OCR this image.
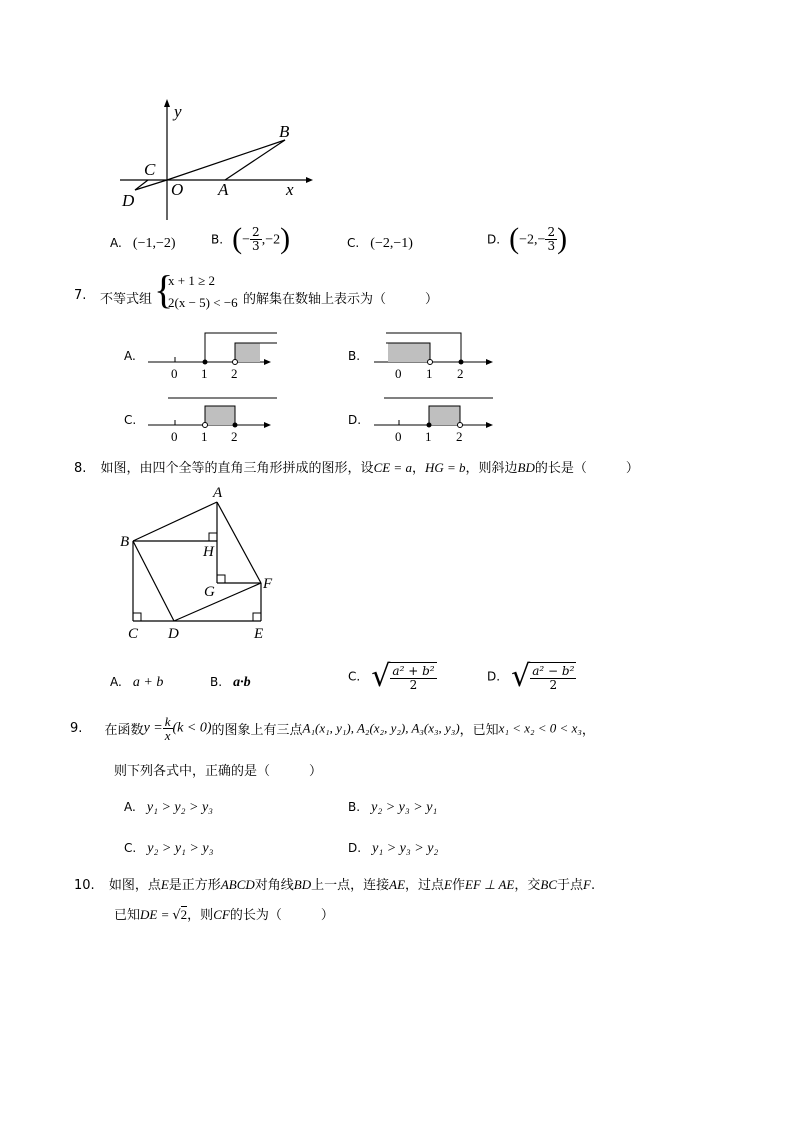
y
x
B
C
O A
D
A. (−1,−2)	B. (− $\frac{2}{3} ,-2$)	C. (−2,−1)	D. ($-2,- \frac{2}{3}$ )
7. 不等式组 {
x + 1 ≥ 2
2(x − 5) < −6 的解集在数轴上表示为（　　　）
A.
0 1 2
B.
0 1 2
C.
0 1 2
D.
0 1 2
8. 如图，由四个全等的直角三角形拼成的图形，设CE = a，HG = b，则斜边BD的长是（　　　）
A
B
H
G	F
C D	E
A. a + b	B. a·b	C. √ $\frac{\text{a² + b²}}{2}$	D. √ $\frac{\text{a² − b²}}{2}$
9. 在函数$y = \frac{k}{x} (k < 0)$的图象上有三点A₁(x₁, y₁), A₂(x₂, y₂), A₃(x₃, y₃)，已知x₁ < x₂ < 0 < x₃，
则下列各式中，正确的是（　　　）
A. y₁ > y₂ > y₃	B. y₂ > y₃ > y₁
C. y₂ > y₁ > y₃	D. y₁ > y₃ > y₂
10. 如图，点E是正方形ABCD对角线BD上一点，连接AE，过点E作EF ⊥ AE，交BC于点F.
已知DE = √2，则CF的长为（　　　）
